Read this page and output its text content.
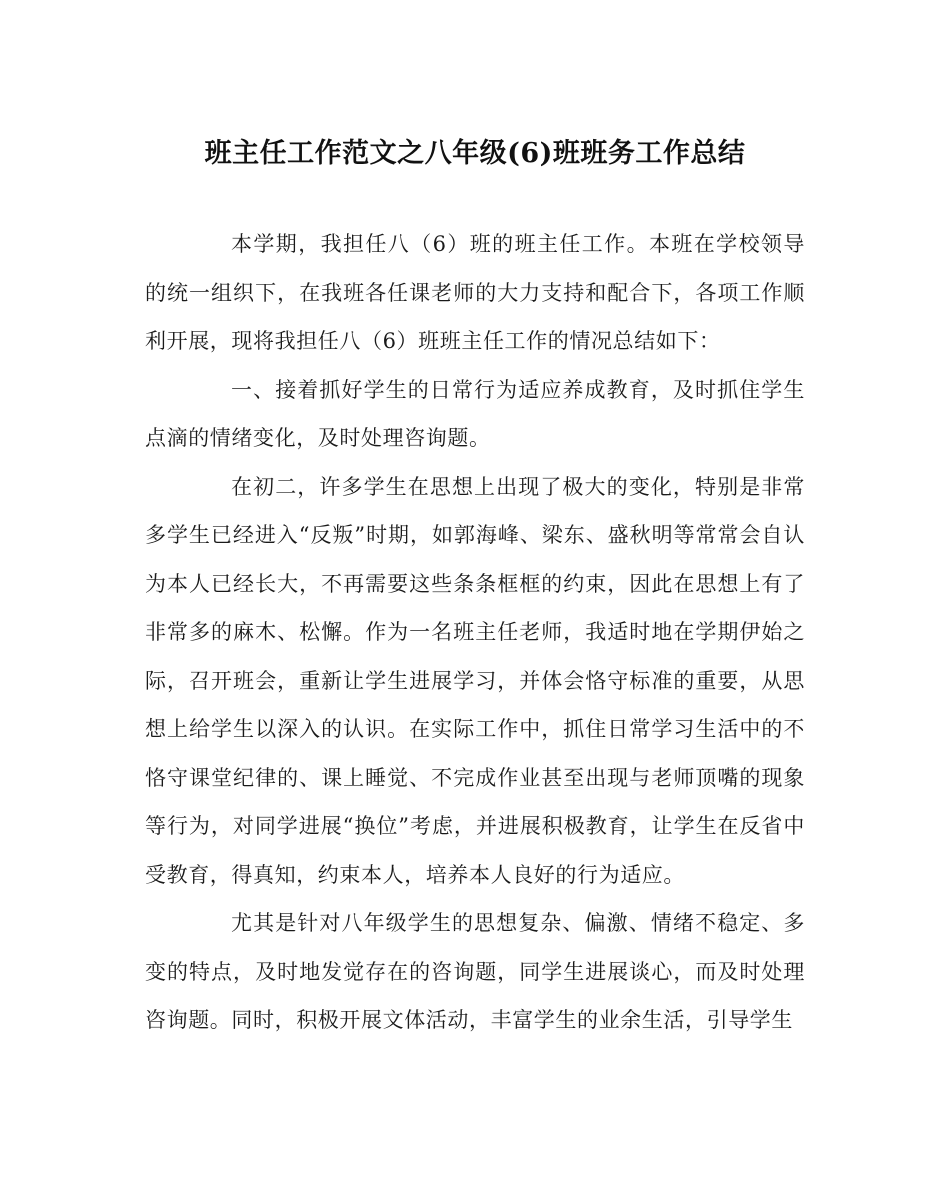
班主任工作范文之八年级(6)班班务工作总结

本学期，我担任八（6）班的班主任工作。本班在学校领导的统一组织下，在我班各任课老师的大力支持和配合下，各项工作顺利开展，现将我担任八（6）班班主任工作的情况总结如下：

一、接着抓好学生的日常行为适应养成教育，及时抓住学生点滴的情绪变化，及时处理咨询题。

在初二，许多学生在思想上出现了极大的变化，特别是非常多学生已经进入“反叛”时期，如郭海峰、梁东、盛秋明等常常会自认为本人已经长大，不再需要这些条条框框的约束，因此在思想上有了非常多的麻木、松懈。作为一名班主任老师，我适时地在学期伊始之际，召开班会，重新让学生进展学习，并体会恪守标准的重要，从思想上给学生以深入的认识。在实际工作中，抓住日常学习生活中的不恪守课堂纪律的、课上睡觉、不完成作业甚至出现与老师顶嘴的现象等行为，对同学进展“换位”考虑，并进展积极教育，让学生在反省中受教育，得真知，约束本人，培养本人良好的行为适应。

尤其是针对八年级学生的思想复杂、偏激、情绪不稳定、多变的特点，及时地发觉存在的咨询题，同学生进展谈心，而及时处理咨询题。同时，积极开展文体活动，丰富学生的业余生活，引导学生
